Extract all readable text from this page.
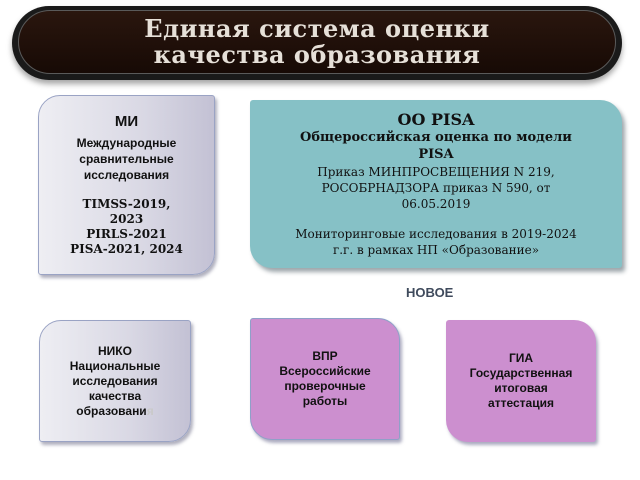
Единая система оценки
качества образования
МИ
Международные
сравнительные
исследования
TIMSS-2019,
2023
PIRLS-2021
PISA-2021, 2024
ОО PISA
Общероссийская оценка по модели
PISA
Приказ МИНПРОСВЕЩЕНИЯ N 219,
РОСОБРНАДЗОРА приказ N 590, от
06.05.2019
Мониторинговые исследования в 2019-2024
г.г. в рамках НП «Образование»
НОВОЕ
НИКО
Национальные
исследования
качества
образования
ВПР
Всероссийские
проверочные
работы
ГИА
Государственная
итоговая
аттестация
